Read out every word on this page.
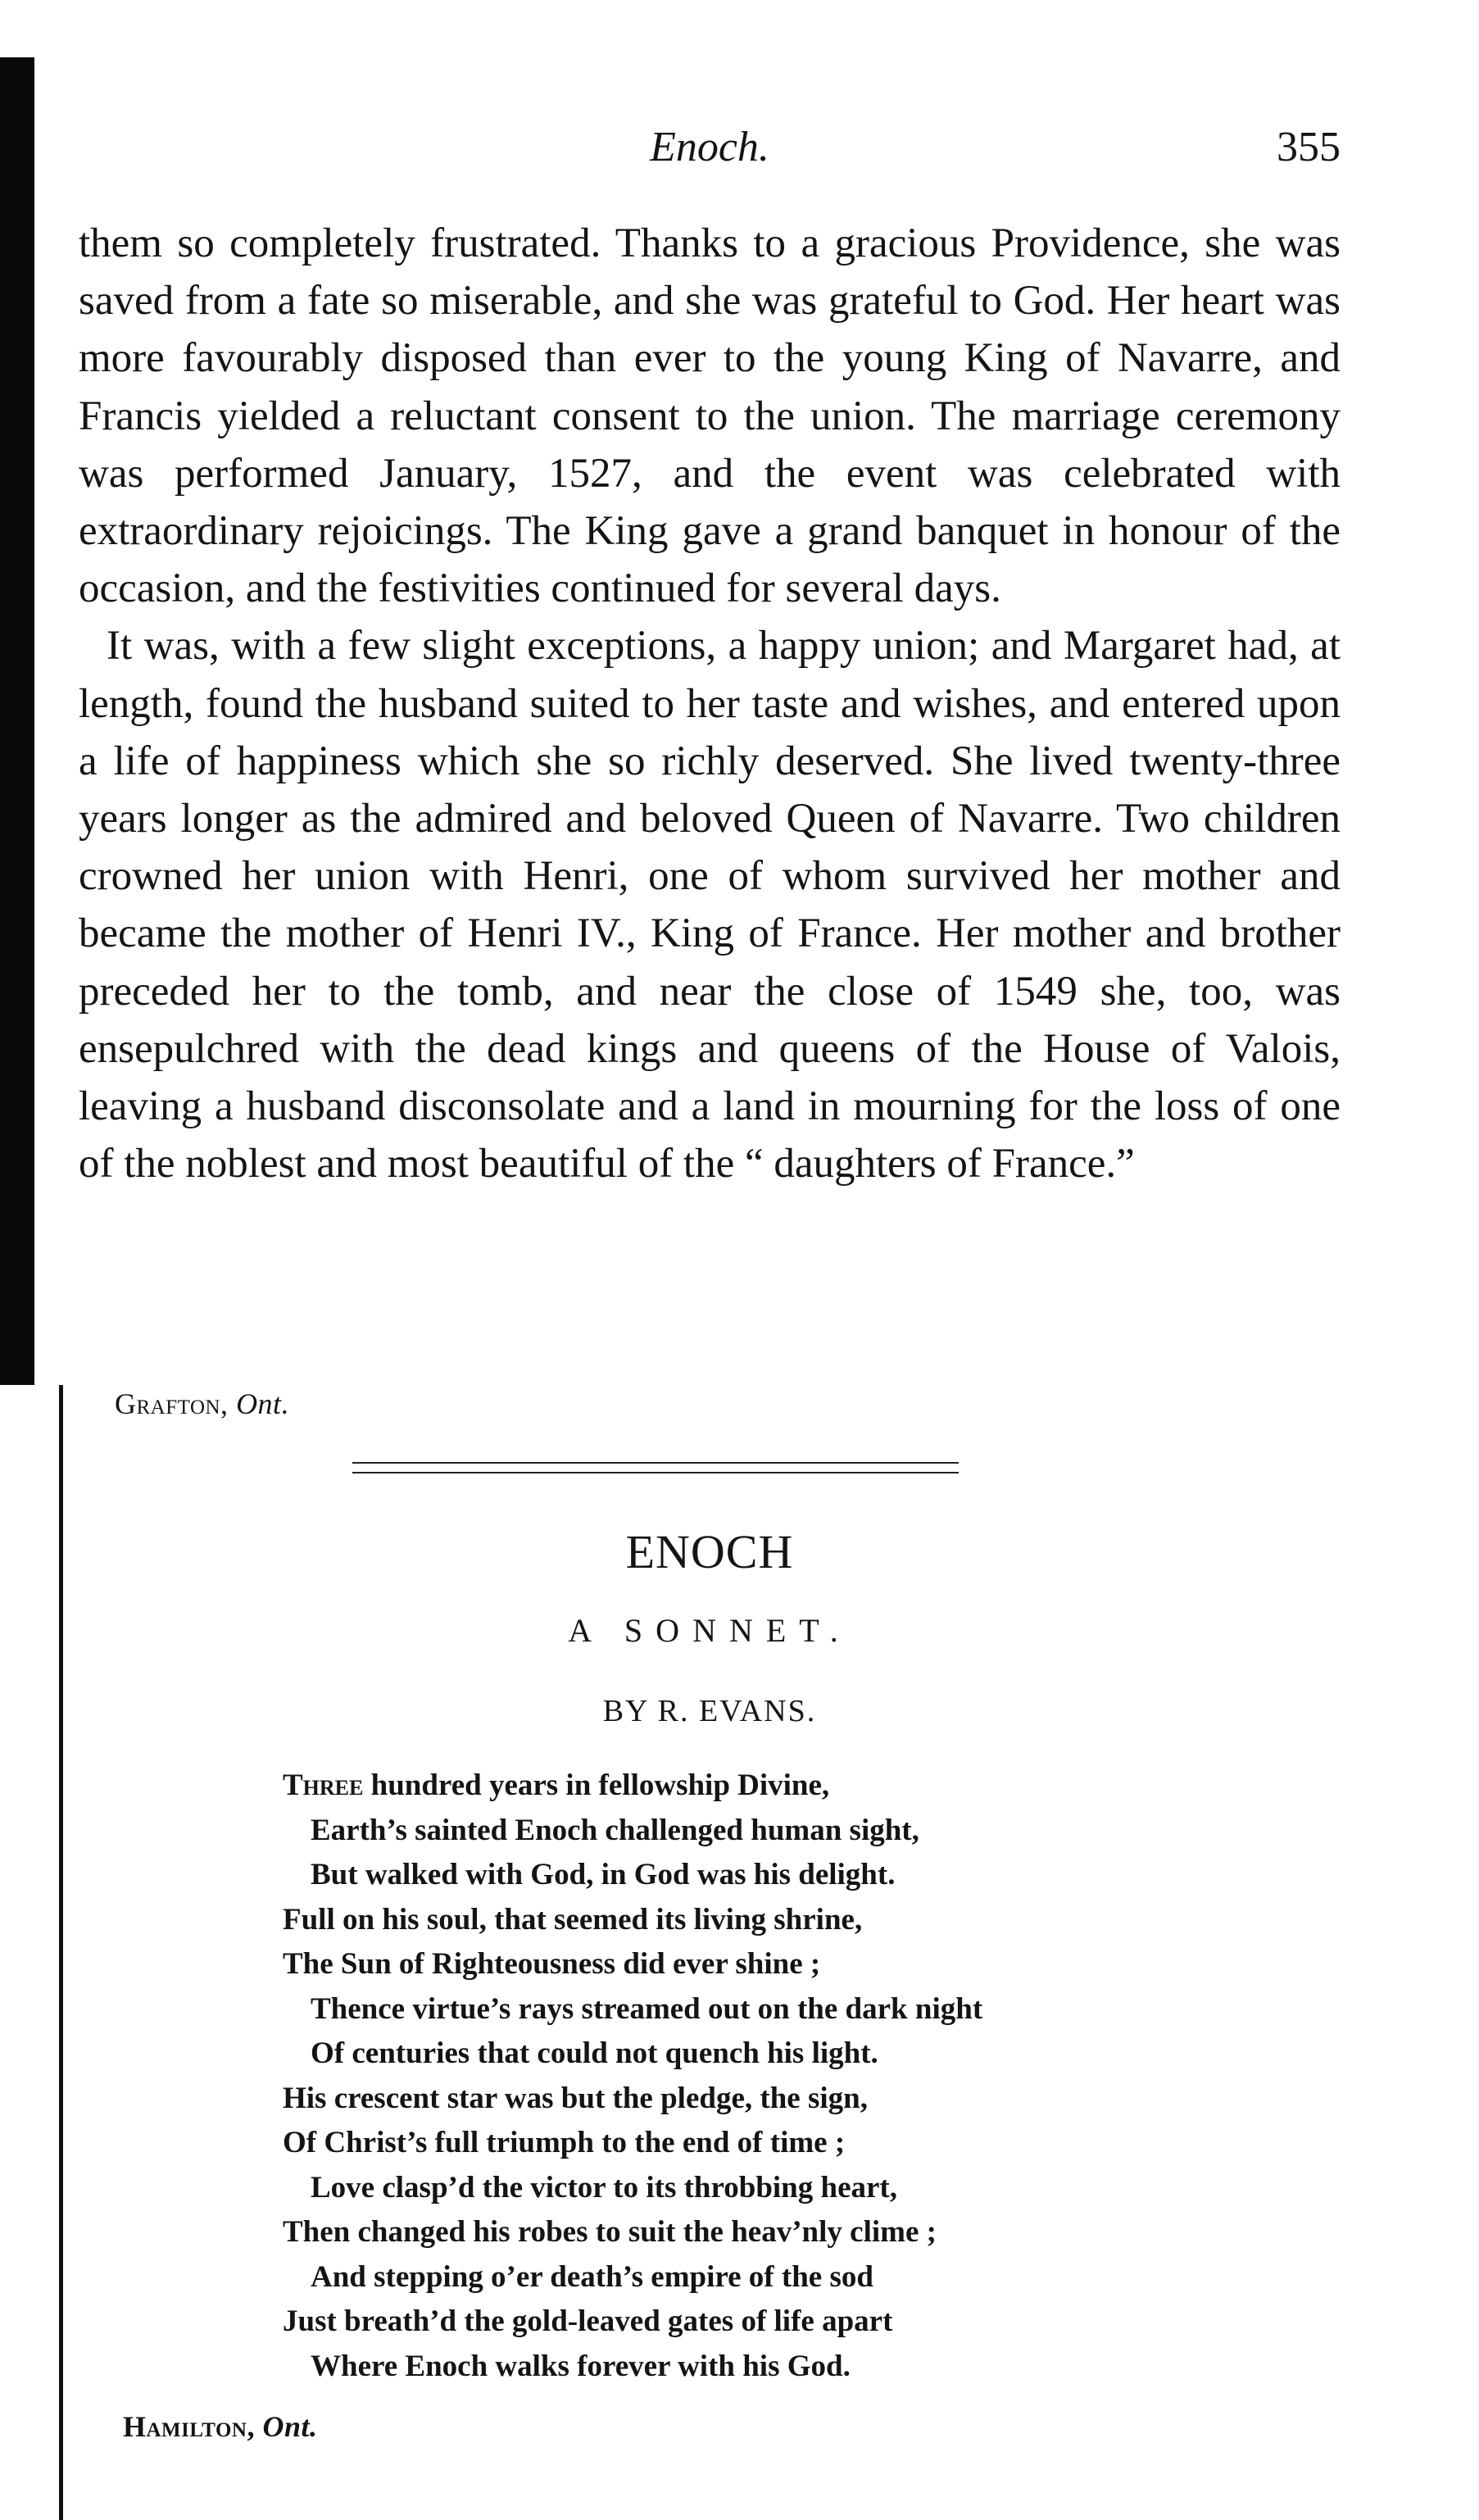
Enoch.	355

them so completely frustrated. Thanks to a gracious Providence, she was saved from a fate so miserable, and she was grateful to God. Her heart was more favourably disposed than ever to the young King of Navarre, and Francis yielded a reluctant consent to the union. The marriage ceremony was performed January, 1527, and the event was celebrated with extraordinary rejoicings. The King gave a grand banquet in honour of the occasion, and the festivities continued for several days.

It was, with a few slight exceptions, a happy union; and Margaret had, at length, found the husband suited to her taste and wishes, and entered upon a life of happiness which she so richly deserved. She lived twenty-three years longer as the admired and beloved Queen of Navarre. Two children crowned her union with Henri, one of whom survived her mother and became the mother of Henri IV., King of France. Her mother and brother preceded her to the tomb, and near the close of 1549 she, too, was ensepulchred with the dead kings and queens of the House of Valois, leaving a husband disconsolate and a land in mourning for the loss of one of the noblest and most beautiful of the “ daughters of France.”

Grafton, Ont.
ENOCH
A SONNET.
BY R. EVANS.
Three hundred years in fellowship Divine,
Earth’s sainted Enoch challenged human sight,
But walked with God, in God was his delight.
Full on his soul, that seemed its living shrine,
The Sun of Righteousness did ever shine ;
Thence virtue’s rays streamed out on the dark night
Of centuries that could not quench his light.
His crescent star was but the pledge, the sign,
Of Christ’s full triumph to the end of time ;
Love clasp’d the victor to its throbbing heart,
Then changed his robes to suit the heav’nly clime ;
And stepping o’er death’s empire of the sod
Just breath’d the gold-leaved gates of life apart
Where Enoch walks forever with his God.
Hamilton, Ont.
